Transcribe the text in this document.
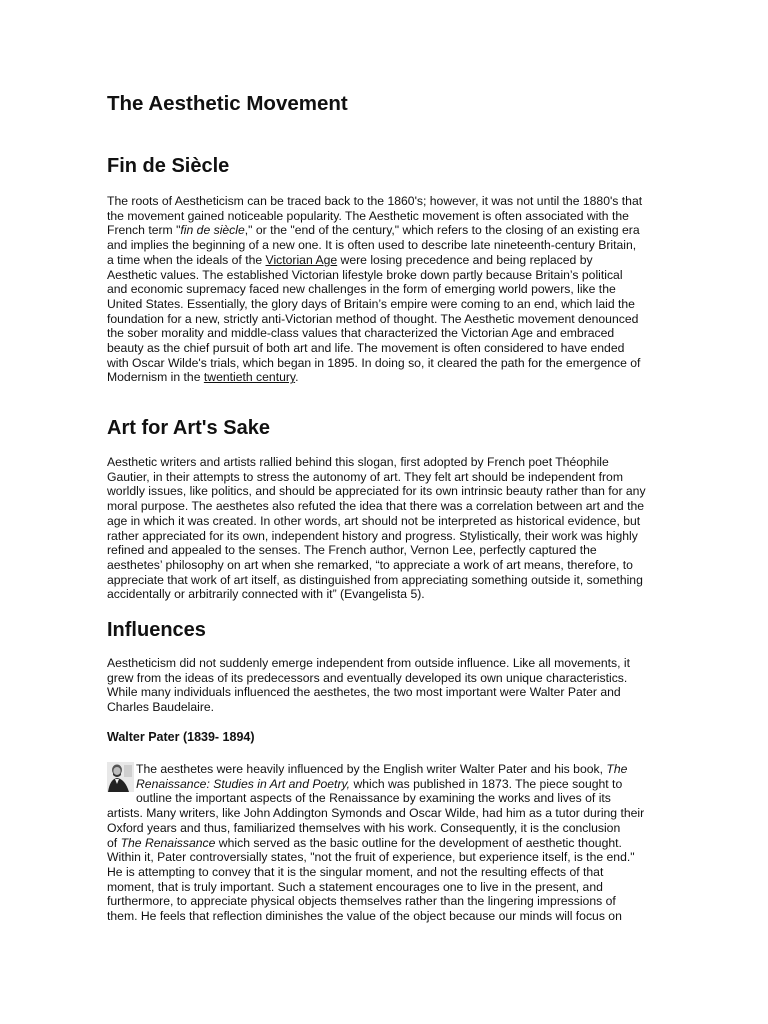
The Aesthetic Movement
Fin de Siècle
The roots of Aestheticism can be traced back to the 1860's; however, it was not until the 1880's that
the movement gained noticeable popularity. The Aesthetic movement is often associated with the
French term "fin de siècle," or the "end of the century," which refers to the closing of an existing era
and implies the beginning of a new one. It is often used to describe late nineteenth-century Britain,
a time when the ideals of the Victorian Age were losing precedence and being replaced by
Aesthetic values. The established Victorian lifestyle broke down partly because Britain’s political
and economic supremacy faced new challenges in the form of emerging world powers, like the
United States. Essentially, the glory days of Britain’s empire were coming to an end, which laid the
foundation for a new, strictly anti-Victorian method of thought. The Aesthetic movement denounced
the sober morality and middle-class values that characterized the Victorian Age and embraced
beauty as the chief pursuit of both art and life. The movement is often considered to have ended
with Oscar Wilde's trials, which began in 1895. In doing so, it cleared the path for the emergence of
Modernism in the twentieth century.
Art for Art's Sake
Aesthetic writers and artists rallied behind this slogan, first adopted by French poet Théophile
Gautier, in their attempts to stress the autonomy of art. They felt art should be independent from
worldly issues, like politics, and should be appreciated for its own intrinsic beauty rather than for any
moral purpose. The aesthetes also refuted the idea that there was a correlation between art and the
age in which it was created. In other words, art should not be interpreted as historical evidence, but
rather appreciated for its own, independent history and progress. Stylistically, their work was highly
refined and appealed to the senses. The French author, Vernon Lee, perfectly captured the
aesthetes’ philosophy on art when she remarked, “to appreciate a work of art means, therefore, to
appreciate that work of art itself, as distinguished from appreciating something outside it, something
accidentally or arbitrarily connected with it” (Evangelista 5).
Influences
Aestheticism did not suddenly emerge independent from outside influence. Like all movements, it
grew from the ideas of its predecessors and eventually developed its own unique characteristics.
While many individuals influenced the aesthetes, the two most important were Walter Pater and
Charles Baudelaire.
Walter Pater (1839- 1894)
The aesthetes were heavily influenced by the English writer Walter Pater and his book, The
Renaissance: Studies in Art and Poetry, which was published in 1873. The piece sought to
outline the important aspects of the Renaissance by examining the works and lives of its
artists. Many writers, like John Addington Symonds and Oscar Wilde, had him as a tutor during their
Oxford years and thus, familiarized themselves with his work. Consequently, it is the conclusion
of The Renaissance which served as the basic outline for the development of aesthetic thought.
Within it, Pater controversially states, "not the fruit of experience, but experience itself, is the end."
He is attempting to convey that it is the singular moment, and not the resulting effects of that
moment, that is truly important. Such a statement encourages one to live in the present, and
furthermore, to appreciate physical objects themselves rather than the lingering impressions of
them. He feels that reflection diminishes the value of the object because our minds will focus on
